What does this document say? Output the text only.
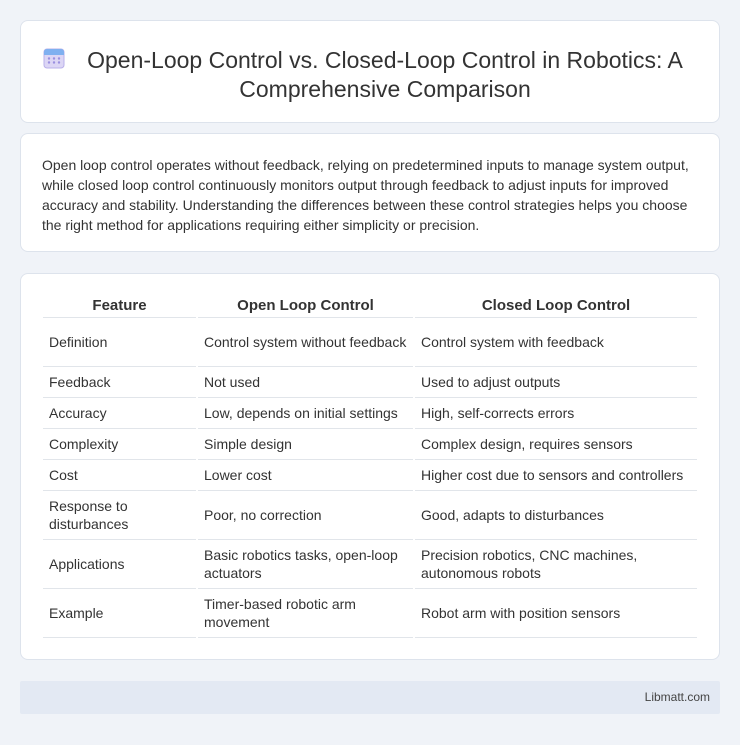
Open-Loop Control vs. Closed-Loop Control in Robotics: A Comprehensive Comparison

Open loop control operates without feedback, relying on predetermined inputs to manage system output, while closed loop control continuously monitors output through feedback to adjust inputs for improved accuracy and stability. Understanding the differences between these control strategies helps you choose the right method for applications requiring either simplicity or precision.

Feature	Open Loop Control	Closed Loop Control
Definition	Control system without feedback	Control system with feedback
Feedback	Not used	Used to adjust outputs
Accuracy	Low, depends on initial settings	High, self-corrects errors
Complexity	Simple design	Complex design, requires sensors
Cost	Lower cost	Higher cost due to sensors and controllers
Response to disturbances	Poor, no correction	Good, adapts to disturbances
Applications	Basic robotics tasks, open-loop actuators	Precision robotics, CNC machines, autonomous robots
Example	Timer-based robotic arm movement	Robot arm with position sensors
Libmatt.com
